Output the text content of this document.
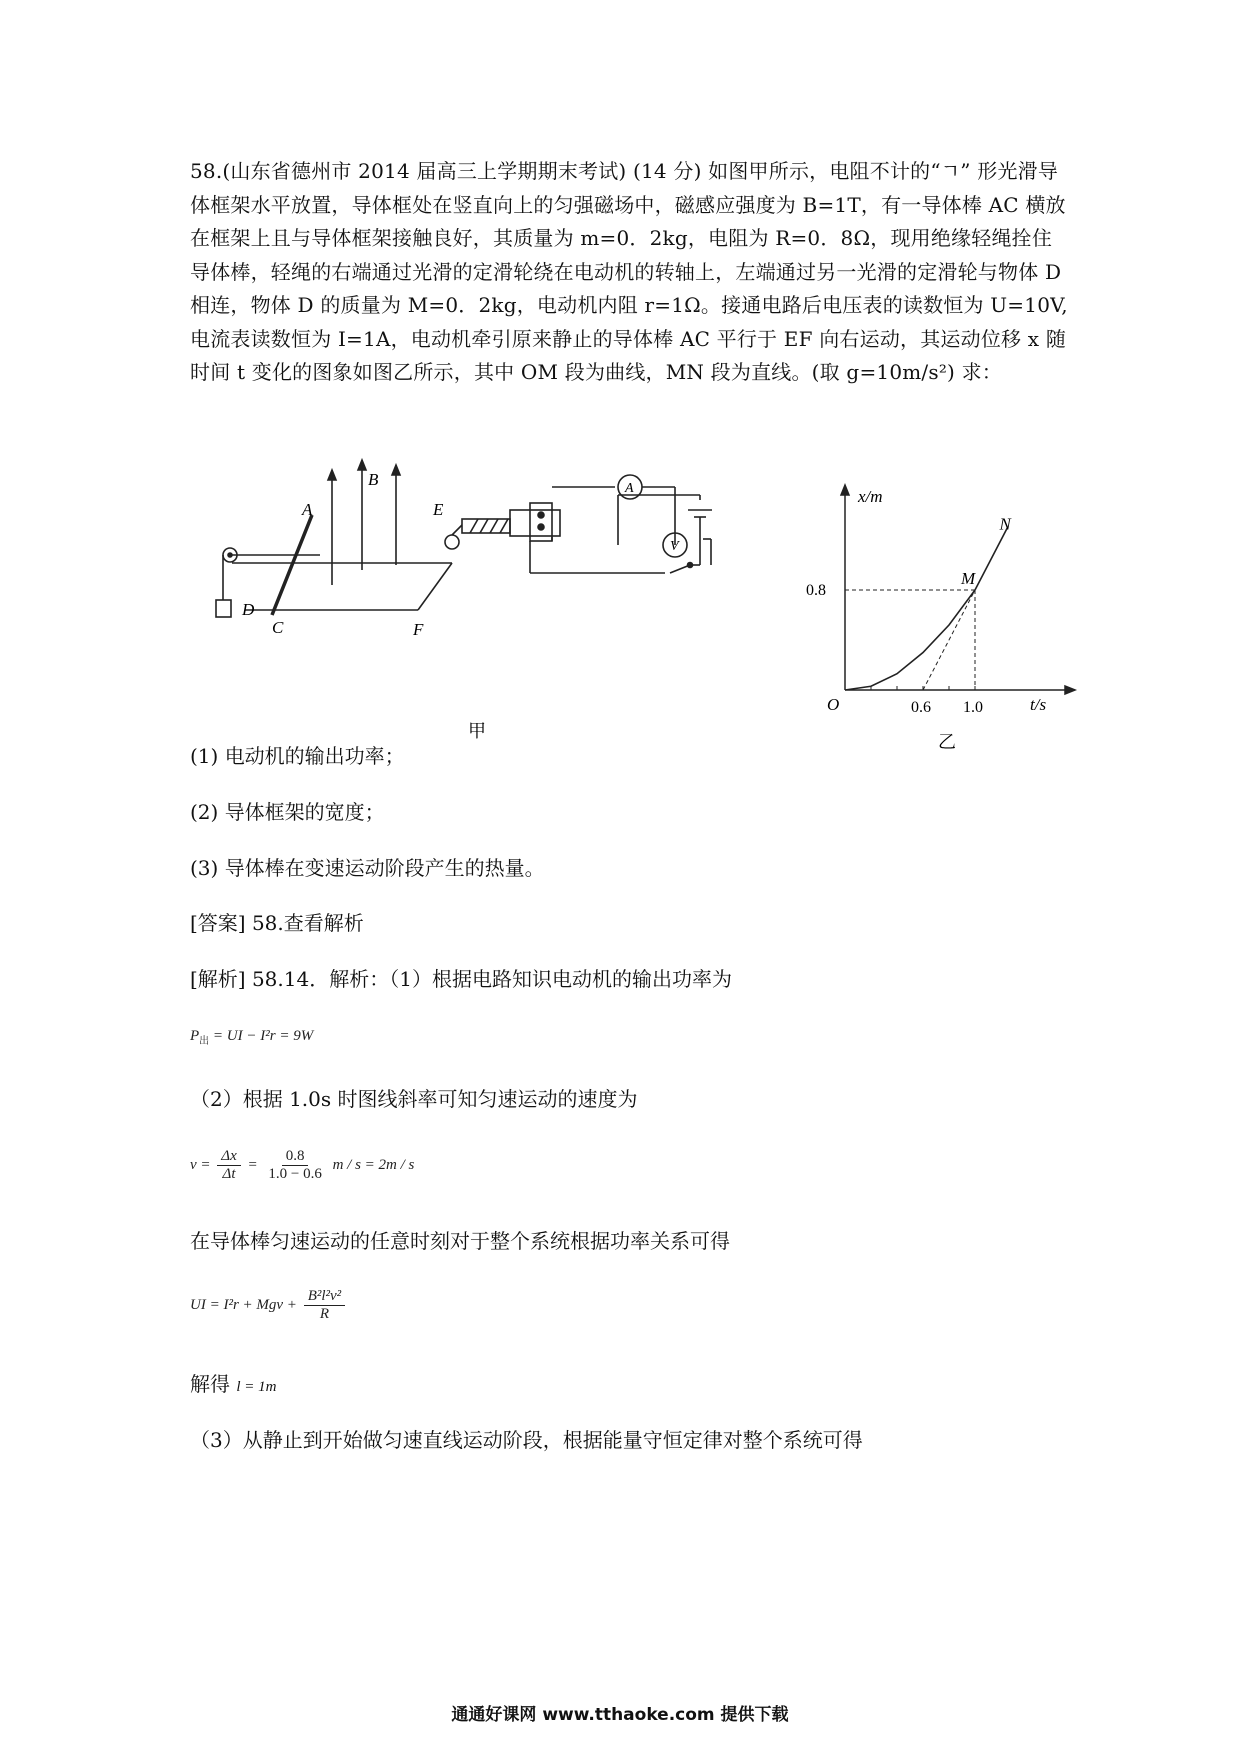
58.(山东省德州市 2014 届高三上学期期末考试) (14 分) 如图甲所示，电阻不计的“ㄱ” 形光滑导体框架水平放置，导体框处在竖直向上的匀强磁场中，磁感应强度为 B=1T，有一导体棒 AC 横放在框架上且与导体框架接触良好，其质量为 m=0．2kg，电阻为 R=0．8Ω，现用绝缘轻绳拴住导体棒，轻绳的右端通过光滑的定滑轮绕在电动机的转轴上，左端通过另一光滑的定滑轮与物体 D 相连，物体 D 的质量为 M=0．2kg，电动机内阻 r=1Ω。接通电路后电压表的读数恒为 U=10V, 电流表读数恒为 I=1A，电动机牵引原来静止的导体棒 AC 平行于 EF 向右运动，其运动位移 x 随时间 t 变化的图象如图乙所示，其中 OM 段为曲线，MN 段为直线。(取 g=10m/s²) 求：
A
B
C
D
E
F
A
V
甲
x/m
t/s
O
0.8
0.6 1.0
M
N
乙
(1) 电动机的输出功率；
(2) 导体框架的宽度；
(3) 导体棒在变速运动阶段产生的热量。
[答案] 58.查看解析
[解析] 58.14．解析：（1）根据电路知识电动机的输出功率为
$P_出$ = UI − I²r = 9W
（2）根据 1.0s 时图线斜率可知匀速运动的速度为
$v = \frac{\Delta x}{\Delta t} = \frac{0.8}{1.0 - 0.6}$ m / s = 2m / s
在导体棒匀速运动的任意时刻对于整个系统根据功率关系可得
UI = I²r + Mgv + $\frac{\text{B²l²v²}}{R}$
解得 l = 1m
（3）从静止到开始做匀速直线运动阶段，根据能量守恒定律对整个系统可得
通通好课网 www.tthaoke.com 提供下载
